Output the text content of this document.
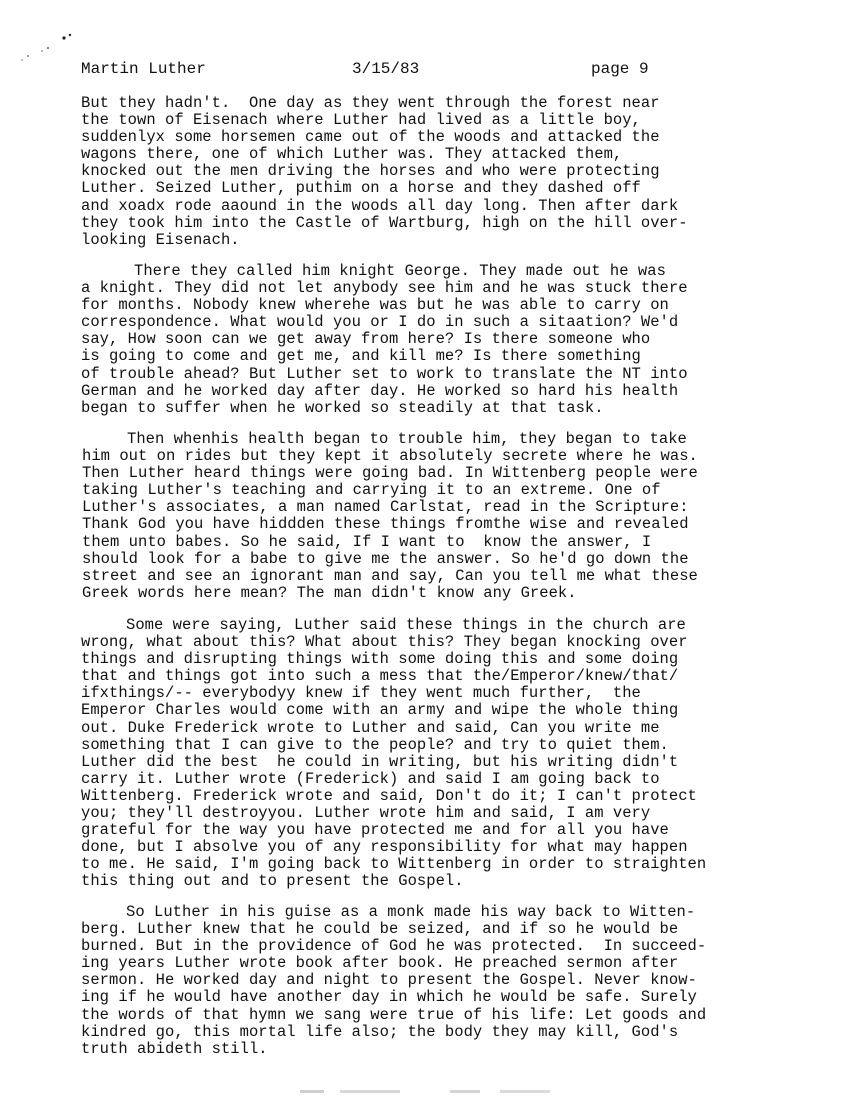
Martin Luther	3/15/83	page 9
But they hadn't.  One day as they went through the forest near
the town of Eisenach where Luther had lived as a little boy,
suddenlyx some horsemen came out of the woods and attacked the
wagons there, one of which Luther was. They attacked them,
knocked out the men driving the horses and who were protecting
Luther. Seized Luther, puthim on a horse and they dashed off
and xoadx rode aaound in the woods all day long. Then after dark
they took him into the Castle of Wartburg, high on the hill over-
looking Eisenach.
There they called him knight George. They made out he was
a knight. They did not let anybody see him and he was stuck there
for months. Nobody knew wherehe was but he was able to carry on
correspondence. What would you or I do in such a sitaation? We'd
say, How soon can we get away from here? Is there someone who
is going to come and get me, and kill me? Is there something
of trouble ahead? But Luther set to work to translate the NT into
German and he worked day after day. He worked so hard his health
began to suffer when he worked so steadily at that task.
Then whenhis health began to trouble him, they began to take
him out on rides but they kept it absolutely secrete where he was.
Then Luther heard things were going bad. In Wittenberg people were
taking Luther's teaching and carrying it to an extreme. One of
Luther's associates, a man named Carlstat, read in the Scripture:
Thank God you have hiddden these things fromthe wise and revealed
them unto babes. So he said, If I want to  know the answer, I
should look for a babe to give me the answer. So he'd go down the
street and see an ignorant man and say, Can you tell me what these
Greek words here mean? The man didn't know any Greek.
Some were saying, Luther said these things in the church are
wrong, what about this? What about this? They began knocking over
things and disrupting things with some doing this and some doing
that and things got into such a mess that the/Emperor/knew/that/
ifxthings/-- everybodyy knew if they went much further,  the
Emperor Charles would come with an army and wipe the whole thing
out. Duke Frederick wrote to Luther and said, Can you write me
something that I can give to the people? and try to quiet them.
Luther did the best  he could in writing, but his writing didn't
carry it. Luther wrote (Frederick) and said I am going back to
Wittenberg. Frederick wrote and said, Don't do it; I can't protect
you; they'll destroyyou. Luther wrote him and said, I am very
grateful for the way you have protected me and for all you have
done, but I absolve you of any responsibility for what may happen
to me. He said, I'm going back to Wittenberg in order to straighten
this thing out and to present the Gospel.
So Luther in his guise as a monk made his way back to Witten-
berg. Luther knew that he could be seized, and if so he would be
burned. But in the providence of God he was protected.  In succeed-
ing years Luther wrote book after book. He preached sermon after
sermon. He worked day and night to present the Gospel. Never know-
ing if he would have another day in which he would be safe. Surely
the words of that hymn we sang were true of his life: Let goods and
kindred go, this mortal life also; the body they may kill, God's
truth abideth still.
